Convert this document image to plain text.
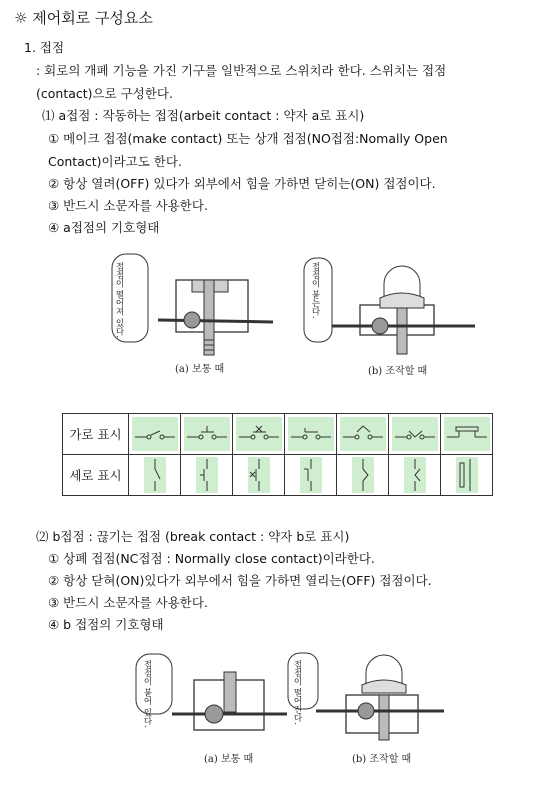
☼ 제어회로 구성요소
1. 접점
: 회로의 개폐 기능을 가진 기구를 일반적으로 스위치라 한다. 스위치는 접점
(contact)으로 구성한다.
⑴ a접점 : 작동하는 접점(arbeit contact : 약자 a로 표시)
① 메이크 접점(make contact) 또는 상개 접점(NO접점:Nomally Open
Contact)이라고도 한다.
② 항상 열려(OFF) 있다가 외부에서 힘을 가하면 닫히는(ON) 접점이다.
③ 반드시 소문자를 사용한다.
④ a접점의 기호형태
접점이 떨어져 있다.
(a) 보통 때
접점이 붙는다.
(b) 조작할 때
가로 표시							
세로 표시							
⑵ b접점 : 끊기는 접점 (break contact : 약자 b로 표시)
① 상폐 접점(NC접점 : Normally close contact)이라한다.
② 항상 닫혀(ON)있다가 외부에서 힘을 가하면 열리는(OFF) 접점이다.
③ 반드시 소문자를 사용한다.
④ b 접점의 기호형태
접점이 붙어 있다.
(a) 보통 때
접점이 떨어진다.
(b) 조작할 때
